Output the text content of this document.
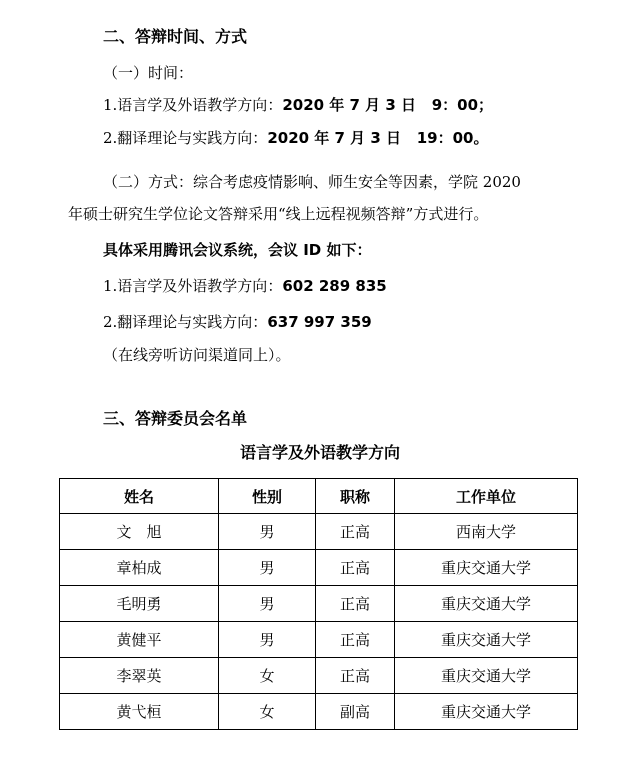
二、答辩时间、方式
（一）时间：
1.语言学及外语教学方向：2020 年 7 月 3 日   9：00；
2.翻译理论与实践方向：2020 年 7 月 3 日   19：00。
（二）方式：综合考虑疫情影响、师生安全等因素，学院 2020
年硕士研究生学位论文答辩采用“线上远程视频答辩”方式进行。
具体采用腾讯会议系统，会议 ID 如下：
1.语言学及外语教学方向：602 289 835
2.翻译理论与实践方向：637 997 359
（在线旁听访问渠道同上）。
三、答辩委员会名单
语言学及外语教学方向
姓名	性别	职称	工作单位
文　旭	男	正高	西南大学
章柏成	男	正高	重庆交通大学
毛明勇	男	正高	重庆交通大学
黄健平	男	正高	重庆交通大学
李翠英	女	正高	重庆交通大学
黄弋桓	女	副高	重庆交通大学
